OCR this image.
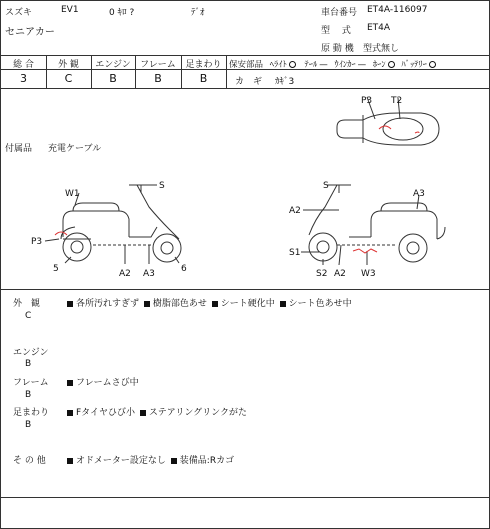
スズキ	EV1	0 ｷﾛ ?	ﾃﾞｵ
セニアカー
車台番号 ET4A-116097
型　 式 ET4A
原 動 機 型式無し
総 合	外 観	エンジン	フレーム	足まわり
3	C	B	B	B
保安部品 ﾍﾗｲﾄ ﾃｰﾙ — ｳｲﾝｶｰ — ﾎｰﾝ ﾊﾞｯﾃﾘｰ
カ　ギ ｶｷﾞ3
付属品 充電ケーブル
P3 T2
S
W1
P3
5	A2 A3	6
S
A3
A2
S1
S2 A2 W3
外　観
C
各所汚れすぎず 樹脂部色あせ シート硬化中 シート色あせ中
エンジン
B
フレーム
B
フレームさび中
足まわり
B
Fタイヤひび小 ステアリングリンクがた
そ の 他	オドメーター設定なし 装備品:Rカゴ
